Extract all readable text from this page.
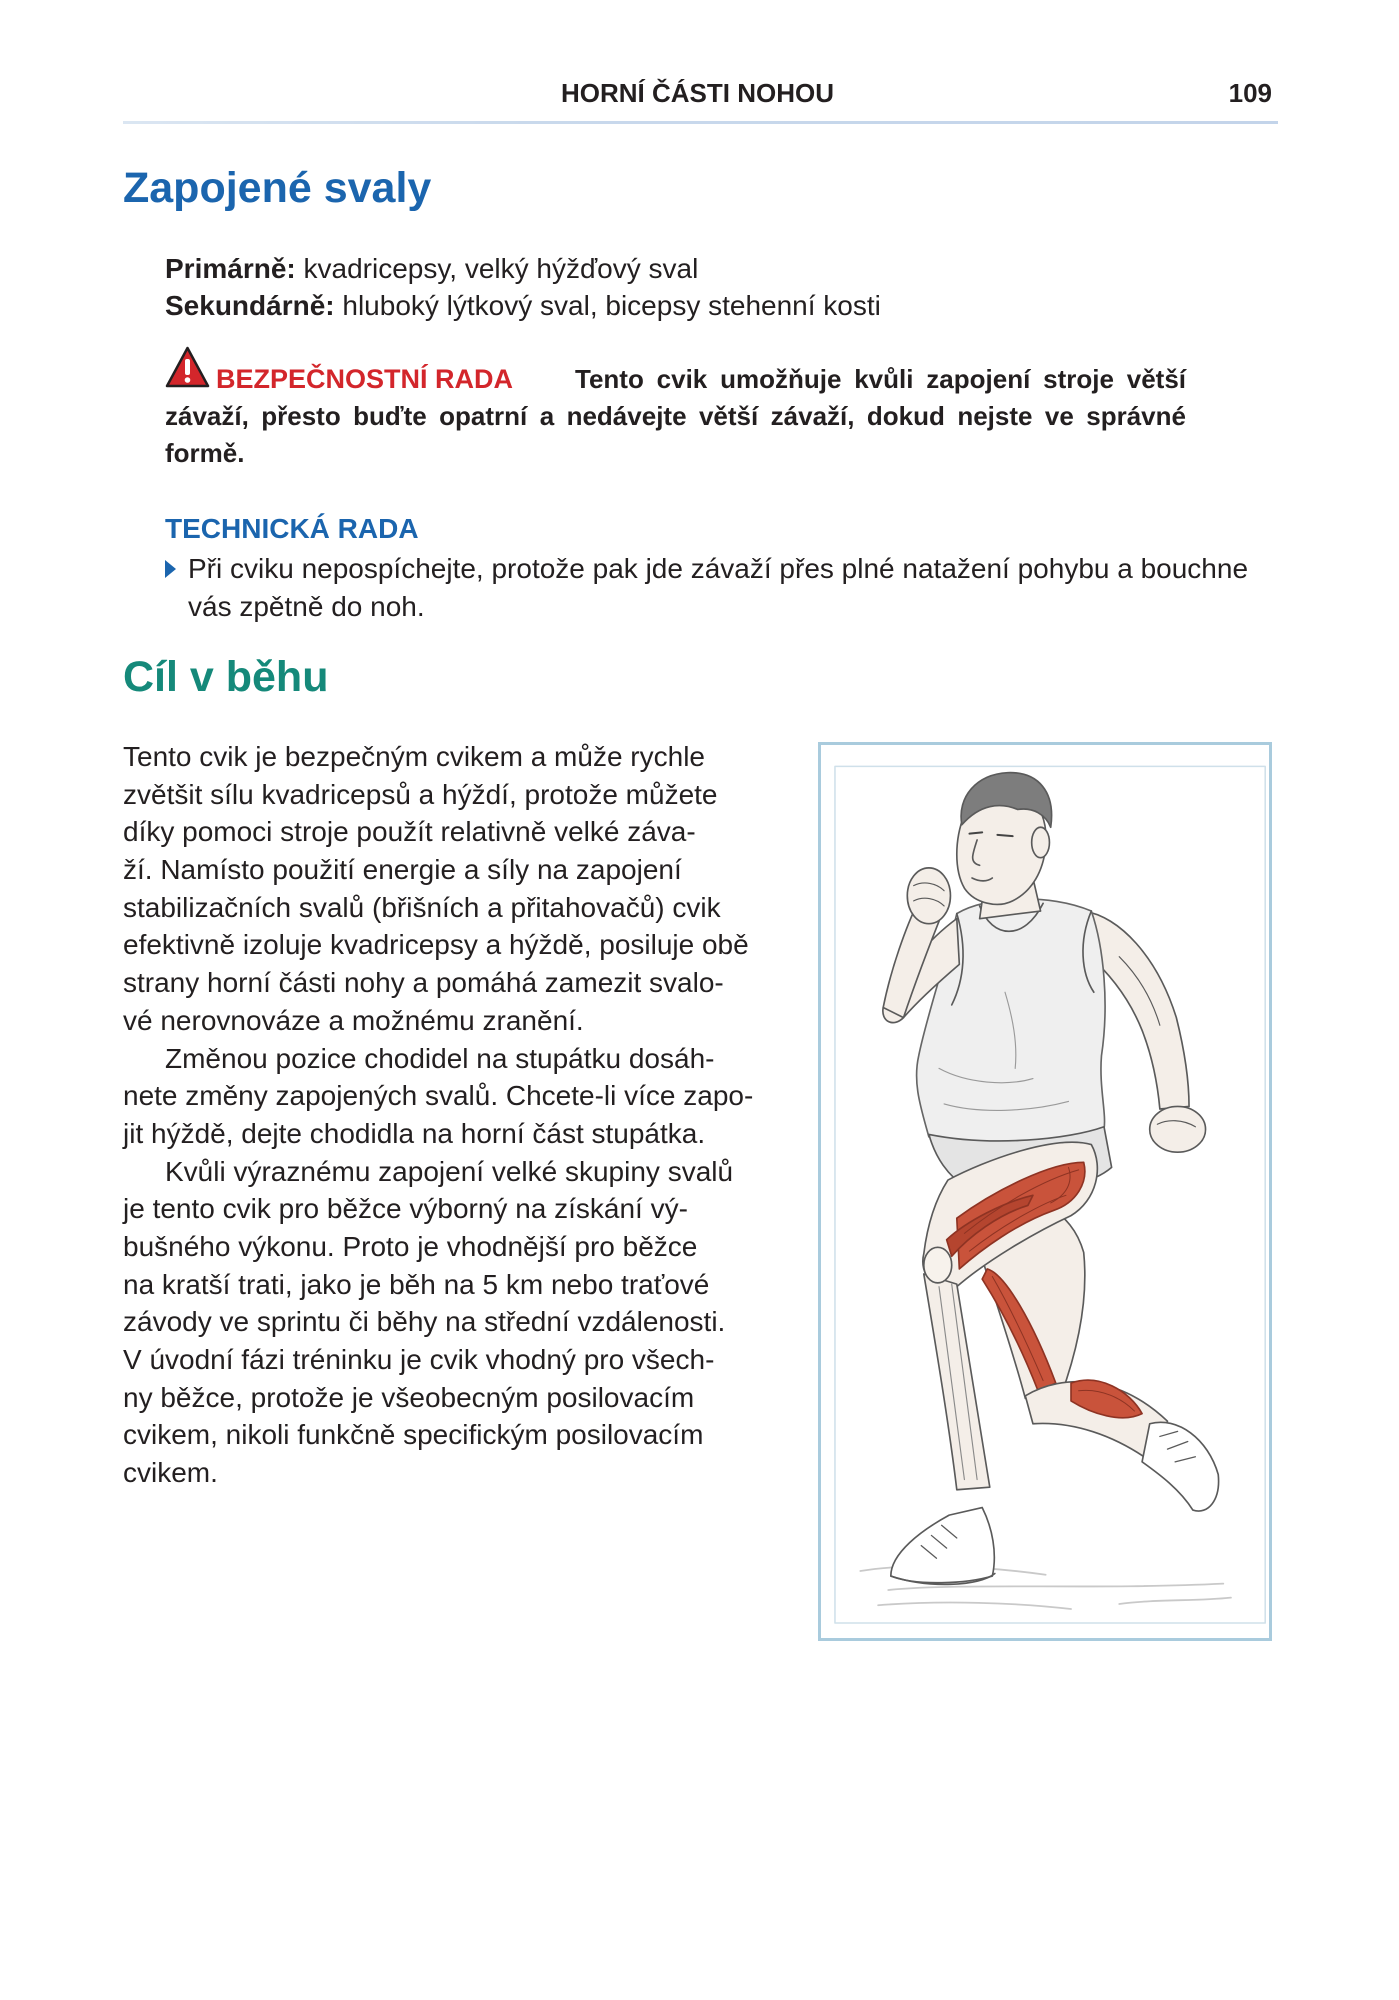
HORNÍ ČÁSTI NOHOU	109
Zapojené svaly
Primárně: kvadricepsy, velký hýžďový sval
Sekundárně: hluboký lýtkový sval, bicepsy stehenní kosti
BEZPEČNOSTNÍ RADA	Tento cvik umožňuje kvůli zapojení stroje větší
závaží, přesto buďte opatrní a nedávejte větší závaží, dokud nejste ve správné
formě.
TECHNICKÁ RADA
Při cviku nepospíchejte, protože pak jde závaží přes plné natažení pohybu a bouchne
vás zpětně do noh.
Cíl v běhu
Tento cvik je bezpečným cvikem a může rychle
zvětšit sílu kvadricepsů a hýždí, protože můžete
díky pomoci stroje použít relativně velké záva-
ží. Namísto použití energie a síly na zapojení
stabilizačních svalů (břišních a přitahovačů) cvik
efektivně izoluje kvadricepsy a hýždě, posiluje obě
strany horní části nohy a pomáhá zamezit svalo-
vé nerovnováze a možnému zranění.
Změnou pozice chodidel na stupátku dosáh-
nete změny zapojených svalů. Chcete-li více zapo-
jit hýždě, dejte chodidla na horní část stupátka.
Kvůli výraznému zapojení velké skupiny svalů
je tento cvik pro běžce výborný na získání vý-
bušného výkonu. Proto je vhodnější pro běžce
na kratší trati, jako je běh na 5 km nebo traťové
závody ve sprintu či běhy na střední vzdálenosti.
V úvodní fázi tréninku je cvik vhodný pro všech-
ny běžce, protože je všeobecným posilovacím
cvikem, nikoli funkčně specifickým posilovacím
cvikem.
